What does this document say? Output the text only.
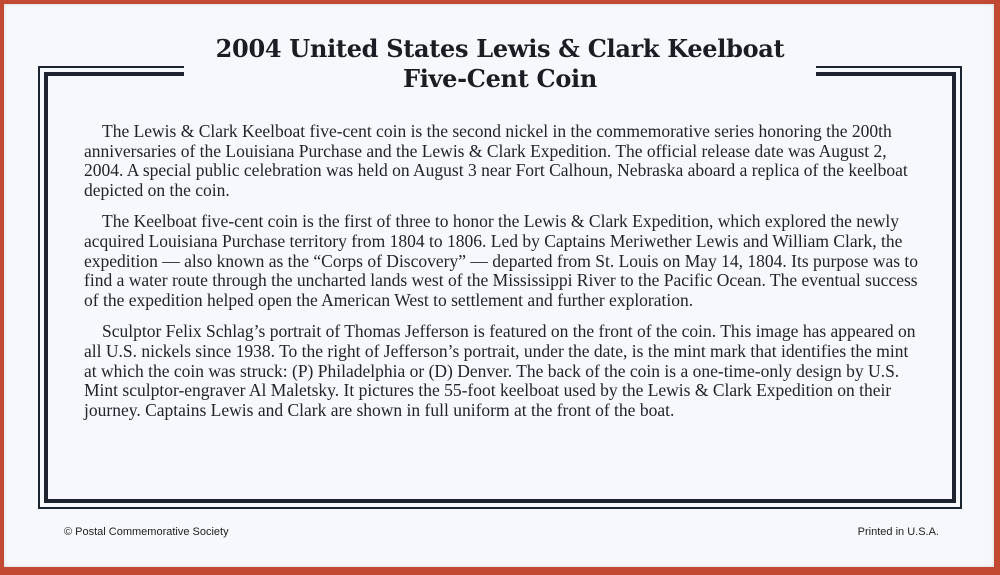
2004 United States Lewis & Clark Keelboat

Five-Cent Coin

The Lewis & Clark Keelboat five-cent coin is the second nickel in the commemorative series honoring the 200th anniversaries of the Louisiana Purchase and the Lewis & Clark Expedition. The official release date was August 2, 2004. A special public celebration was held on August 3 near Fort Calhoun, Nebraska aboard a replica of the keelboat depicted on the coin.

The Keelboat five-cent coin is the first of three to honor the Lewis & Clark Expedition, which explored the newly acquired Louisiana Purchase territory from 1804 to 1806. Led by Captains Meriwether Lewis and William Clark, the expedition — also known as the “Corps of Discovery” — departed from St. Louis on May 14, 1804. Its purpose was to find a water route through the uncharted lands west of the Mississippi River to the Pacific Ocean. The eventual success of the expedition helped open the American West to settlement and further exploration.

Sculptor Felix Schlag’s portrait of Thomas Jefferson is featured on the front of the coin. This image has appeared on all U.S. nickels since 1938. To the right of Jefferson’s portrait, under the date, is the mint mark that identifies the mint at which the coin was struck: (P) Philadelphia or (D) Denver. The back of the coin is a one-time-only design by U.S. Mint sculptor-engraver Al Maletsky. It pictures the 55-foot keelboat used by the Lewis & Clark Expedition on their journey. Captains Lewis and Clark are shown in full uniform at the front of the boat.

© Postal Commemorative Society	Printed in U.S.A.
